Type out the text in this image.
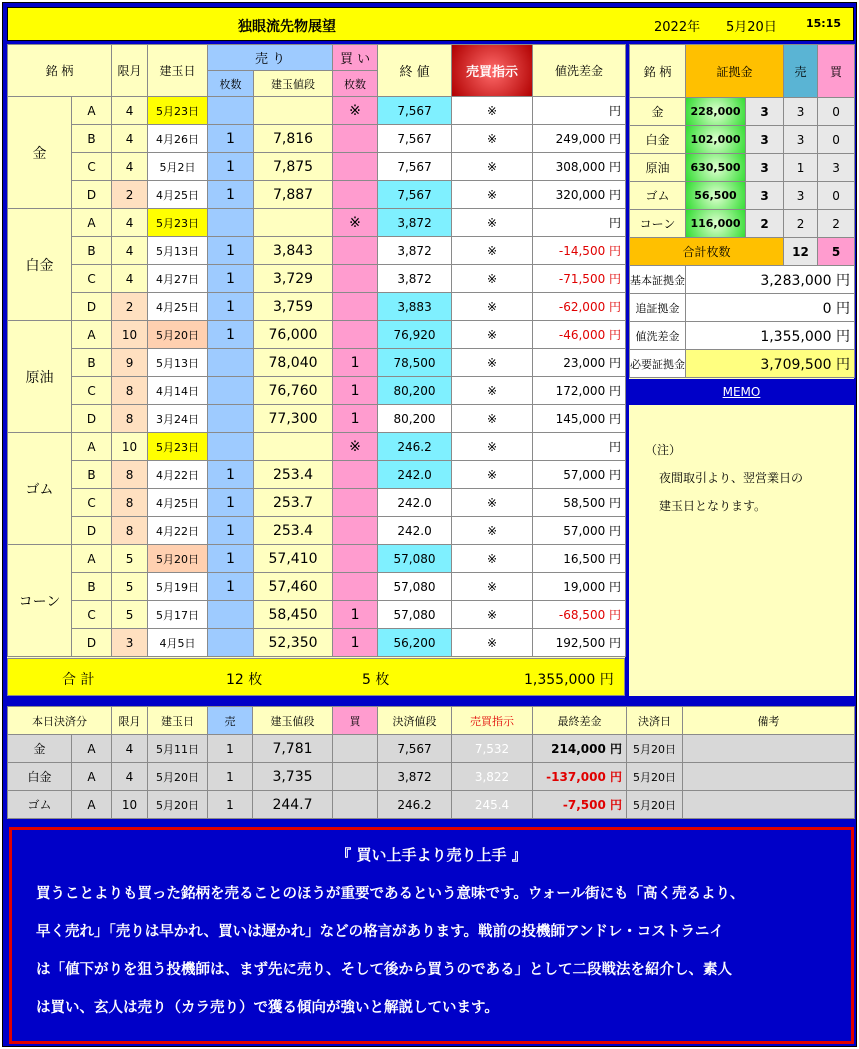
独眼流先物展望	2022年 5月20日	15:15
銘 柄		限月	建玉日	売 り		買 い	終 値	売買指示	値洗差金
				枚数	建玉値段	枚数			
金	A	4	5月23日			※	7,567	※	円
	B	4	4月26日	1	7,816		7,567	※	249,000 円
	C	4	5月2日	1	7,875		7,567	※	308,000 円
	D	2	4月25日	1	7,887		7,567	※	320,000 円
白金	A	4	5月23日			※	3,872	※	円
	B	4	5月13日	1	3,843		3,872	※	-14,500 円
	C	4	4月27日	1	3,729		3,872	※	-71,500 円
	D	2	4月25日	1	3,759		3,883	※	-62,000 円
原油	A	10	5月20日	1	76,000		76,920	※	-46,000 円
	B	9	5月13日		78,040	1	78,500	※	23,000 円
	C	8	4月14日		76,760	1	80,200	※	172,000 円
	D	8	3月24日		77,300	1	80,200	※	145,000 円
ゴム	A	10	5月23日			※	246.2	※	円
	B	8	4月22日	1	253.4		242.0	※	57,000 円
	C	8	4月25日	1	253.7		242.0	※	58,500 円
	D	8	4月22日	1	253.4		242.0	※	57,000 円
コーン	A	5	5月20日	1	57,410		57,080	※	16,500 円
	B	5	5月19日	1	57,460		57,080	※	19,000 円
	C	5	5月17日		58,450	1	57,080	※	-68,500 円
	D	3	4月5日		52,350	1	56,200	※	192,500 円
合 計	12 枚	5 枚	1,355,000 円
銘 柄	証拠金		売	買
金	228,000	3	3	0
白金	102,000	3	3	0
原油	630,500	3	1	3
ゴム	56,500	3	3	0
コーン	116,000	2	2	2
合計枚数			12	5
基本証拠金	3,283,000 円			
追証拠金	0 円			
値洗差金	1,355,000 円			
必要証拠金	3,709,500 円			
MEMO
（注）
夜間取引より、翌営業日の
建玉日となります。
本日決済分		限月	建玉日	売	建玉値段	買	決済値段	売買指示	最終差金	決済日	備考
金	A	4	5月11日	1	7,781		7,567	7,532	214,000 円	5月20日	
白金	A	4	5月20日	1	3,735		3,872	3,822	-137,000 円	5月20日	
ゴム	A	10	5月20日	1	244.7		246.2	245.4	-7,500 円	5月20日	
『 買い上手より売り上手 』
買うことよりも買った銘柄を売ることのほうが重要であるという意味です。ウォール街にも「高く売るより、
早く売れ」「売りは早かれ、買いは遅かれ」などの格言があります。戦前の投機師アンドレ・コストラニイ
は「値下がりを狙う投機師は、まず先に売り、そして後から買うのである」として二段戦法を紹介し、素人
は買い、玄人は売り（カラ売り）で獲る傾向が強いと解説しています。
